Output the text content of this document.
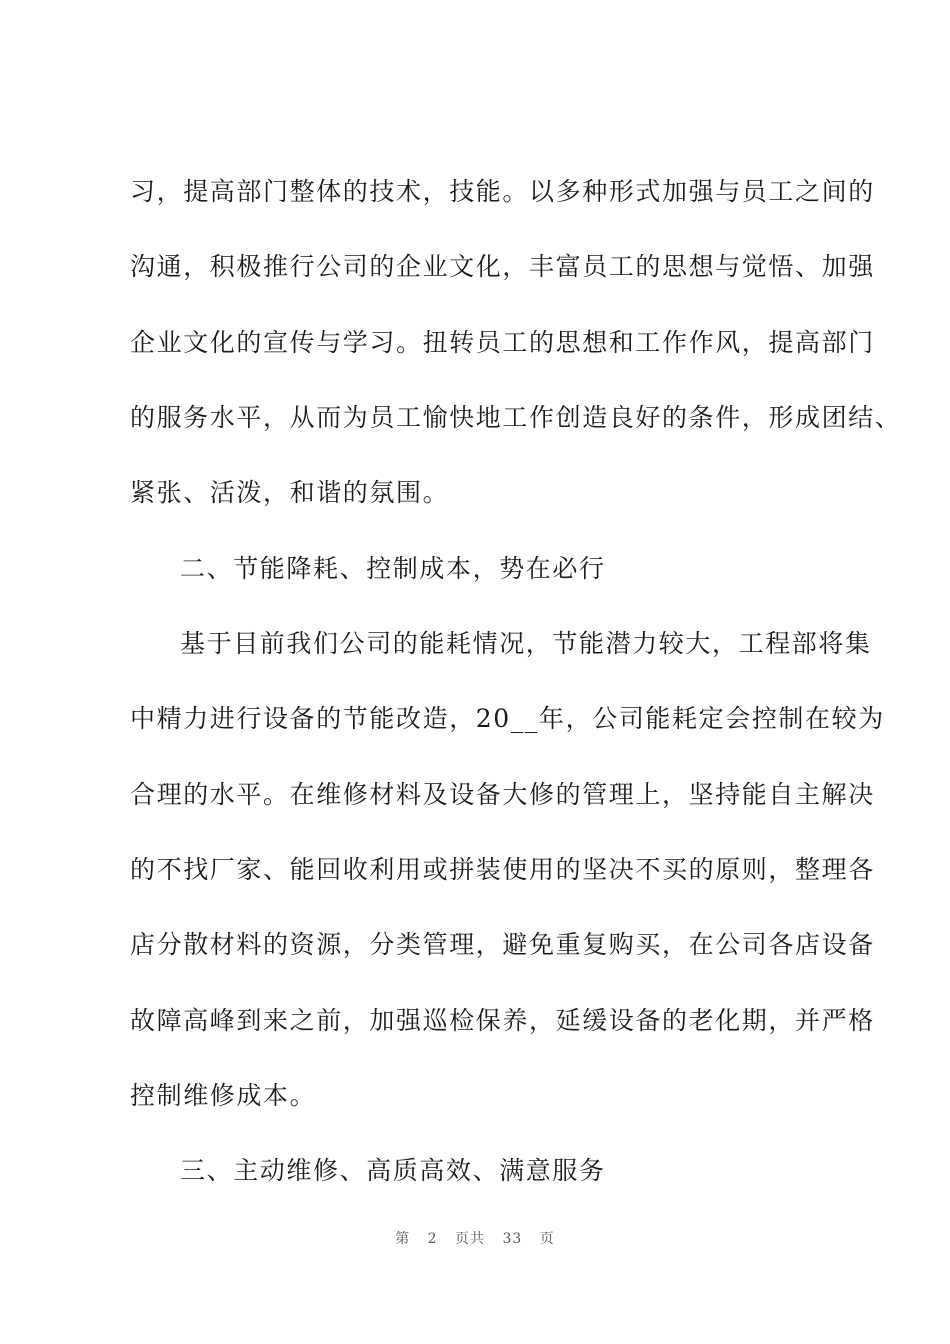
习，提高部门整体的技术，技能。以多种形式加强与员工之间的
沟通，积极推行公司的企业文化，丰富员工的思想与觉悟、加强
企业文化的宣传与学习。扭转员工的思想和工作作风，提高部门
的服务水平，从而为员工愉快地工作创造良好的条件，形成团结、
紧张、活泼，和谐的氛围。
二、节能降耗、控制成本，势在必行
基于目前我们公司的能耗情况，节能潜力较大，工程部将集
中精力进行设备的节能改造，20__年，公司能耗定会控制在较为
合理的水平。在维修材料及设备大修的管理上，坚持能自主解决
的不找厂家、能回收利用或拼装使用的坚决不买的原则，整理各
店分散材料的资源，分类管理，避免重复购买，在公司各店设备
故障高峰到来之前，加强巡检保养，延缓设备的老化期，并严格
控制维修成本。
三、主动维修、高质高效、满意服务
第 2 页共 33 页
